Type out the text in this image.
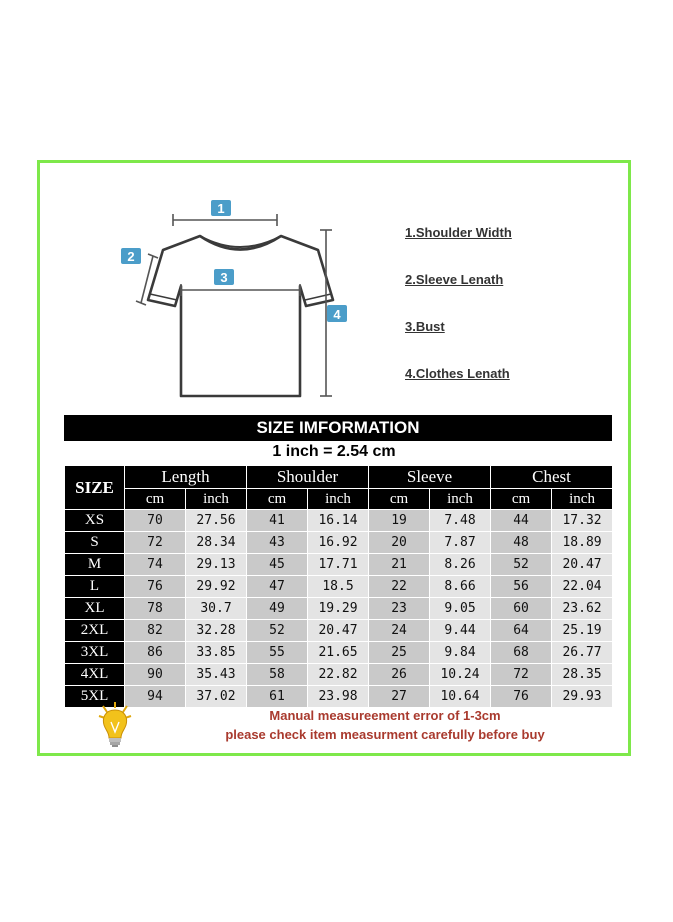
1
2
3
4
1.Shoulder Width
2.Sleeve Lenath
3.Bust
4.Clothes Lenath
SIZE IMFORMATION
1 inch = 2.54 cm
SIZE	Length		Shoulder		Sleeve		Chest	
	cm	inch	cm	inch	cm	inch	cm	inch
XS	70	27.56	41	16.14	19	7.48	44	17.32
S	72	28.34	43	16.92	20	7.87	48	18.89
M	74	29.13	45	17.71	21	8.26	52	20.47
L	76	29.92	47	18.5	22	8.66	56	22.04
XL	78	30.7	49	19.29	23	9.05	60	23.62
2XL	82	32.28	52	20.47	24	9.44	64	25.19
3XL	86	33.85	55	21.65	25	9.84	68	26.77
4XL	90	35.43	58	22.82	26	10.24	72	28.35
5XL	94	37.02	61	23.98	27	10.64	76	29.93
Manual measureement error of 1-3cm
please check item measurment carefully before buy
